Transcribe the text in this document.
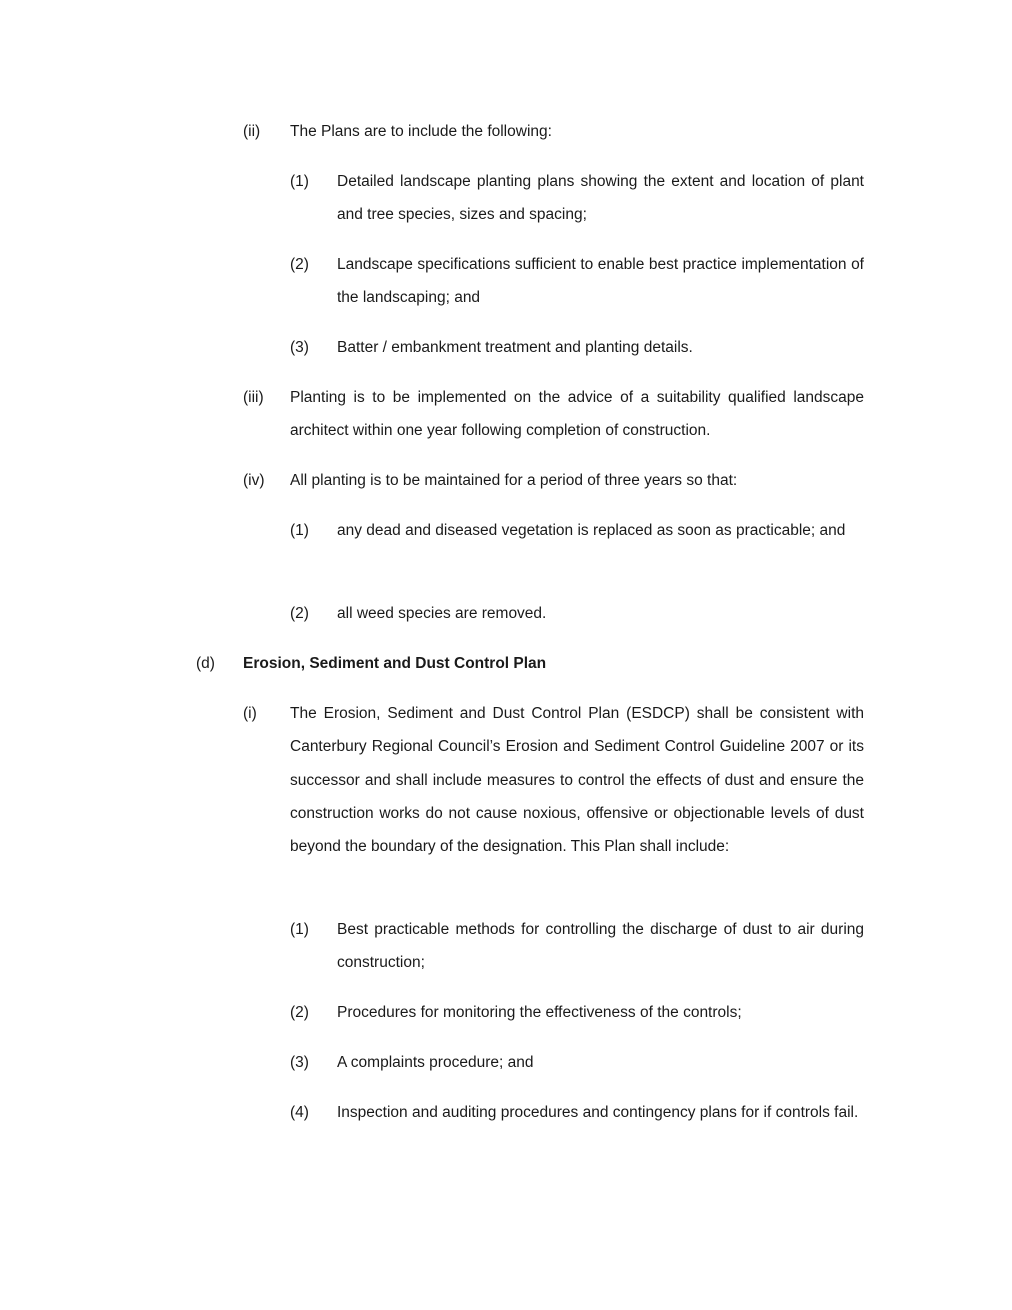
(ii) The Plans are to include the following:
(1) Detailed landscape planting plans showing the extent and location of plant and tree species, sizes and spacing;
(2) Landscape specifications sufficient to enable best practice implementation of the landscaping; and
(3) Batter / embankment treatment and planting details.
(iii) Planting is to be implemented on the advice of a suitability qualified landscape architect within one year following completion of construction.
(iv) All planting is to be maintained for a period of three years so that:
(1) any dead and diseased vegetation is replaced as soon as practicable; and
(2) all weed species are removed.
(d) Erosion, Sediment and Dust Control Plan
(i) The Erosion, Sediment and Dust Control Plan (ESDCP) shall be consistent with Canterbury Regional Council’s Erosion and Sediment Control Guideline 2007 or its successor and shall include measures to control the effects of dust and ensure the construction works do not cause noxious, offensive or objectionable levels of dust beyond the boundary of the designation. This Plan shall include:
(1) Best practicable methods for controlling the discharge of dust to air during construction;
(2) Procedures for monitoring the effectiveness of the controls;
(3) A complaints procedure; and
(4) Inspection and auditing procedures and contingency plans for if controls fail.
